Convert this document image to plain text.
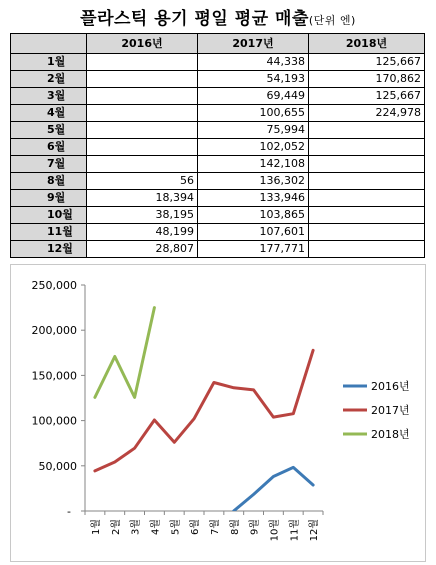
플라스틱 용기 평일 평균 매출(단위 엔)
	2016년	2017년	2018년
1월		44,338	125,667
2월		54,193	170,862
3월		69,449	125,667
4월		100,655	224,978
5월		75,994	
6월		102,052	
7월		142,108	
8월	56	136,302	
9월	18,394	133,946	
10월	38,195	103,865	
11월	48,199	107,601	
12월	28,807	177,771	
-
50,000
100,000
150,000
200,000
250,000
1월 2월 3월 4월 5월 6월 7월 8월 9월 10월 11월 12월
2016년
2017년
2018년
